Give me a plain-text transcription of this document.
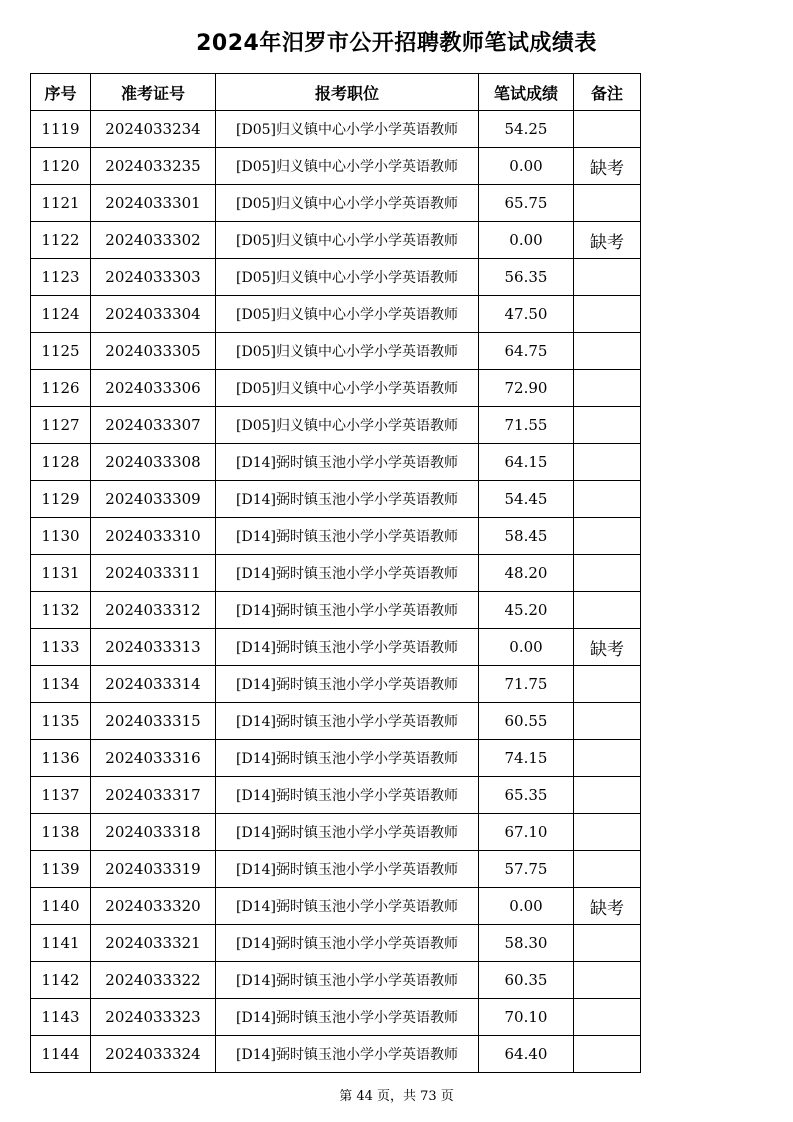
2024年汨罗市公开招聘教师笔试成绩表
序号	准考证号	报考职位	笔试成绩	备注
1119	2024033234	[D05]归义镇中心小学小学英语教师	54.25	
1120	2024033235	[D05]归义镇中心小学小学英语教师	0.00	缺考
1121	2024033301	[D05]归义镇中心小学小学英语教师	65.75	
1122	2024033302	[D05]归义镇中心小学小学英语教师	0.00	缺考
1123	2024033303	[D05]归义镇中心小学小学英语教师	56.35	
1124	2024033304	[D05]归义镇中心小学小学英语教师	47.50	
1125	2024033305	[D05]归义镇中心小学小学英语教师	64.75	
1126	2024033306	[D05]归义镇中心小学小学英语教师	72.90	
1127	2024033307	[D05]归义镇中心小学小学英语教师	71.55	
1128	2024033308	[D14]弼时镇玉池小学小学英语教师	64.15	
1129	2024033309	[D14]弼时镇玉池小学小学英语教师	54.45	
1130	2024033310	[D14]弼时镇玉池小学小学英语教师	58.45	
1131	2024033311	[D14]弼时镇玉池小学小学英语教师	48.20	
1132	2024033312	[D14]弼时镇玉池小学小学英语教师	45.20	
1133	2024033313	[D14]弼时镇玉池小学小学英语教师	0.00	缺考
1134	2024033314	[D14]弼时镇玉池小学小学英语教师	71.75	
1135	2024033315	[D14]弼时镇玉池小学小学英语教师	60.55	
1136	2024033316	[D14]弼时镇玉池小学小学英语教师	74.15	
1137	2024033317	[D14]弼时镇玉池小学小学英语教师	65.35	
1138	2024033318	[D14]弼时镇玉池小学小学英语教师	67.10	
1139	2024033319	[D14]弼时镇玉池小学小学英语教师	57.75	
1140	2024033320	[D14]弼时镇玉池小学小学英语教师	0.00	缺考
1141	2024033321	[D14]弼时镇玉池小学小学英语教师	58.30	
1142	2024033322	[D14]弼时镇玉池小学小学英语教师	60.35	
1143	2024033323	[D14]弼时镇玉池小学小学英语教师	70.10	
1144	2024033324	[D14]弼时镇玉池小学小学英语教师	64.40	
第 44 页，共 73 页
